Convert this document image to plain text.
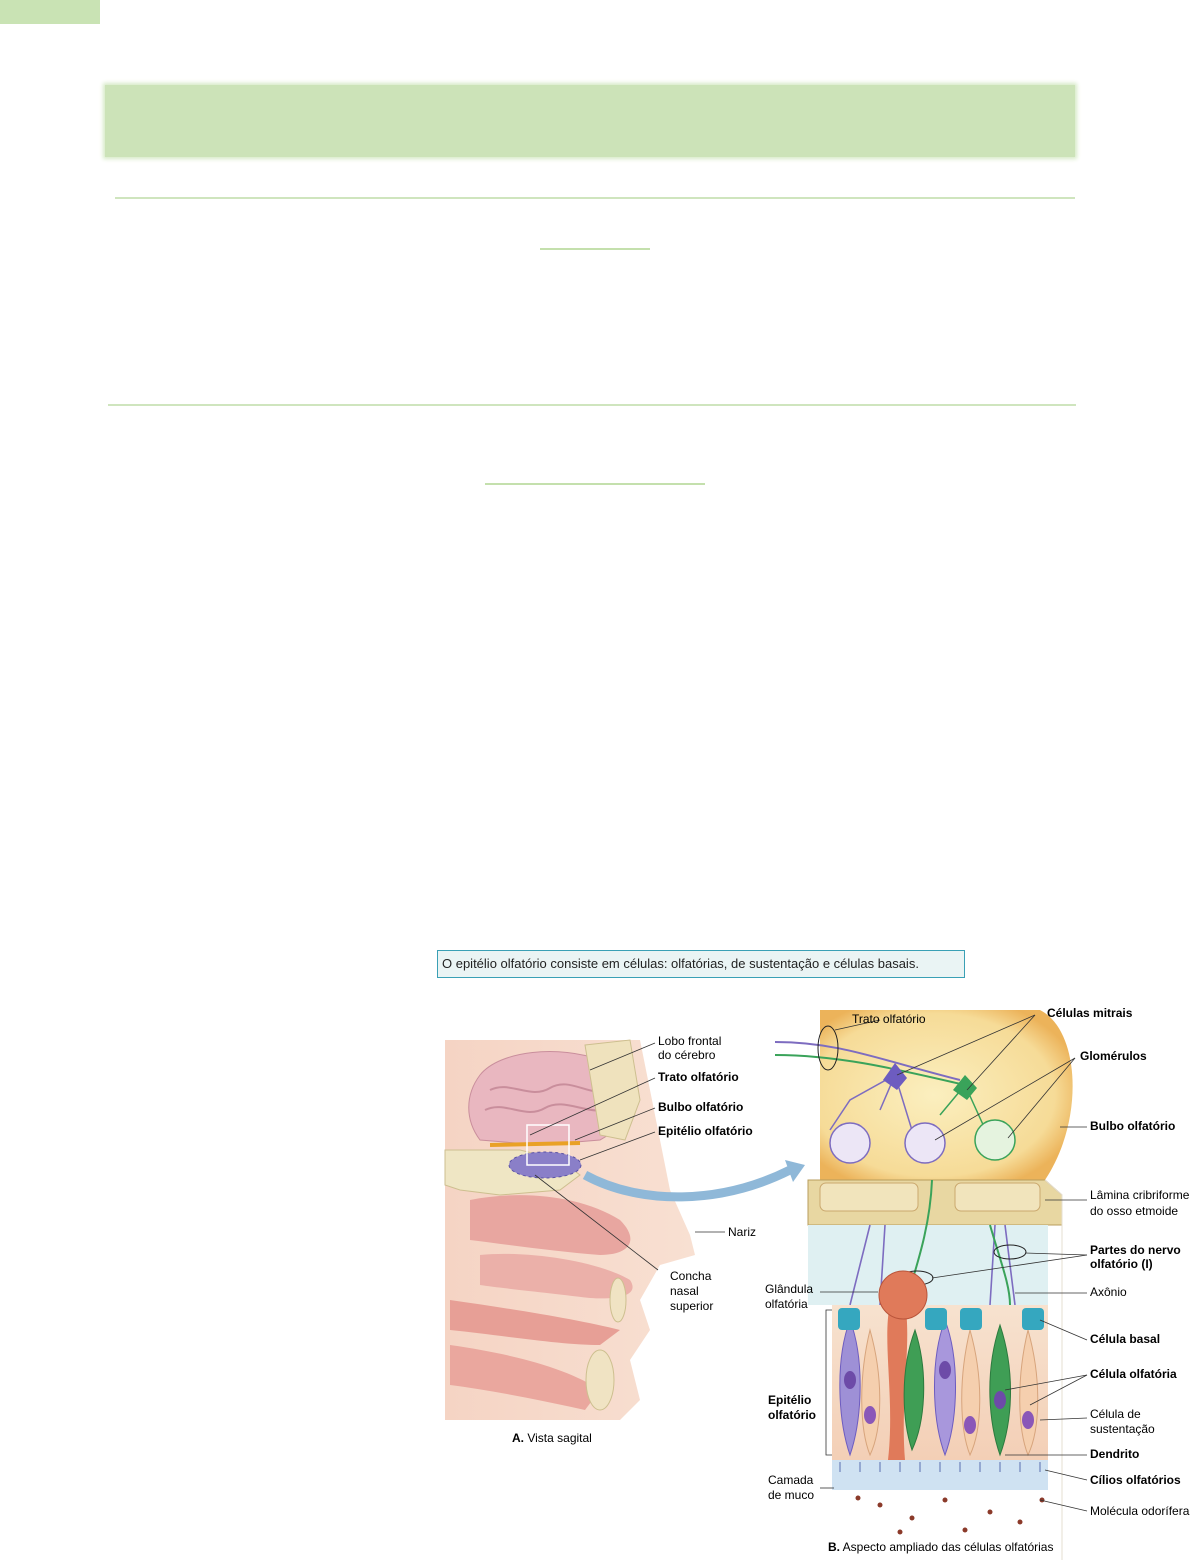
O epitélio olfatório consiste em células: olfatórias, de sustentação e células basais.
Lobo frontal
do cérebro
Trato olfatório
Bulbo olfatório
Epitélio olfatório
Nariz
Concha
nasal
superior
A. Vista sagital
Trato olfatório	Células mitrais
Glomérulos
Bulbo olfatório
Lâmina cribriforme
do osso etmoide
Partes do nervo
olfatório (I)
Axônio
Célula basal
Célula olfatória
Célula de
sustentação
Dendrito
Cílios olfatórios
Molécula odorífera
Glândula
olfatória
Epitélio
olfatório
Camada
de muco
B. Aspecto ampliado das células olfatórias
